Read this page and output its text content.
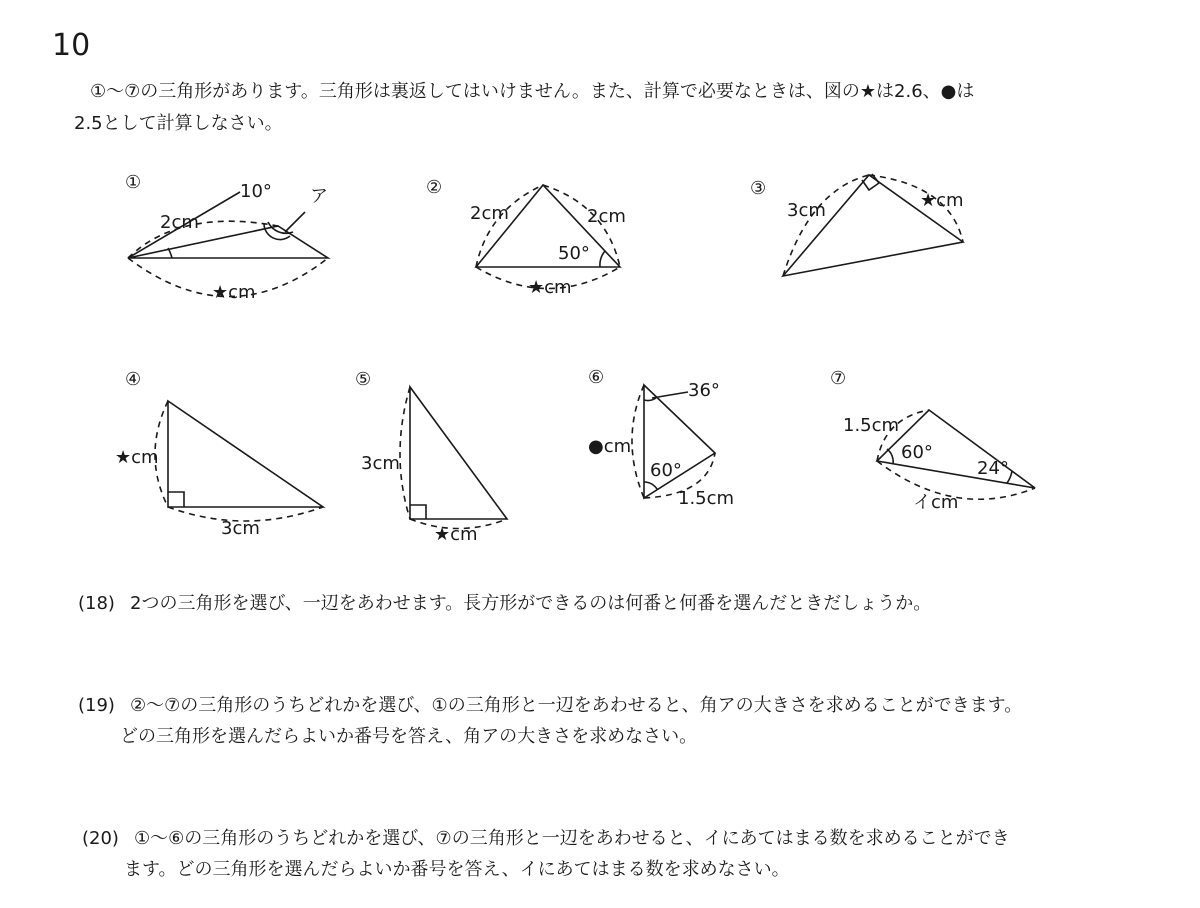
10
①～⑦の三角形があります。三角形は裏返してはいけません。また、計算で必要なときは、図の★は2.6、●は
2.5として計算しなさい。
①	10°
2cm
ア
★cm
②
2cm	2cm
50°
★cm
③
3cm	★cm
④
★cm
3cm
⑤
3cm
★cm
⑥
36°
●cm
60°
1.5cm
⑦
1.5cm
60°
24°
イcm
(18) 2つの三角形を選び、一辺をあわせます。長方形ができるのは何番と何番を選んだときだしょうか。
(19) ②～⑦の三角形のうちどれかを選び、①の三角形と一辺をあわせると、角アの大きさを求めることができます。
どの三角形を選んだらよいか番号を答え、角アの大きさを求めなさい。
(20) ①～⑥の三角形のうちどれかを選び、⑦の三角形と一辺をあわせると、イにあてはまる数を求めることができ
ます。どの三角形を選んだらよいか番号を答え、イにあてはまる数を求めなさい。
